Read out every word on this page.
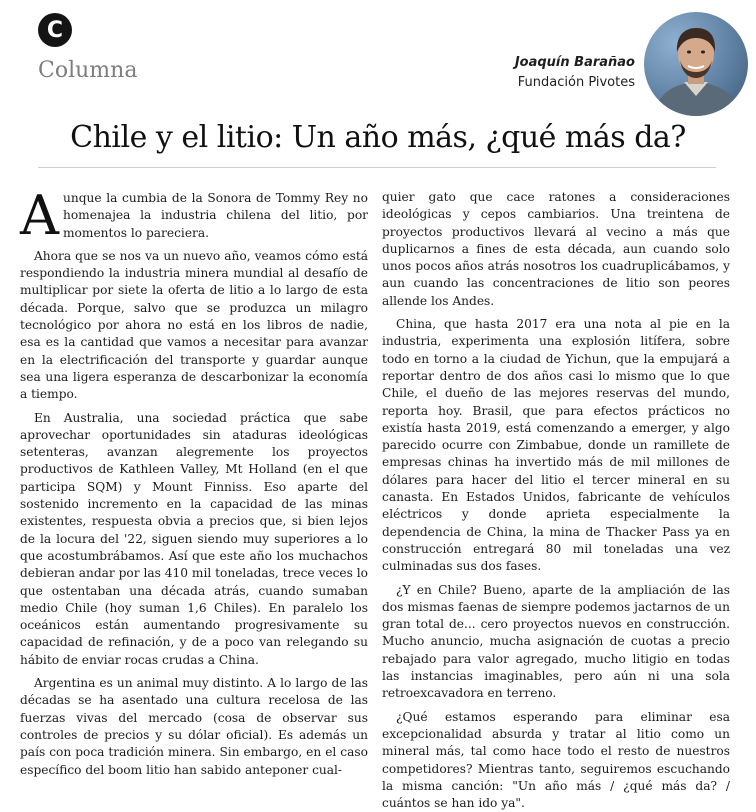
C
Columna	Joaquín Barañao
Fundación Pivotes
Chile y el litio: Un año más, ¿qué más da?

Aunque la cumbia de la Sonora de Tommy Rey no homenajea la industria chilena del litio, por momentos lo pareciera.

Ahora que se nos va un nuevo año, veamos cómo está respondiendo la industria minera mundial al desafío de multiplicar por siete la oferta de litio a lo largo de esta década. Porque, salvo que se produzca un milagro tecnológico por ahora no está en los libros de nadie, esa es la cantidad que vamos a necesitar para avanzar en la electrificación del transporte y guardar aunque sea una ligera esperanza de descarbonizar la economía a tiempo.

En Australia, una sociedad práctica que sabe aprovechar oportunidades sin ataduras ideológicas setenteras, avanzan alegremente los proyectos productivos de Kathleen Valley, Mt Holland (en el que participa SQM) y Mount Finniss. Eso aparte del sostenido incremento en la capacidad de las minas existentes, respuesta obvia a precios que, si bien lejos de la locura del '22, siguen siendo muy superiores a lo que acostumbrábamos. Así que este año los muchachos debieran andar por las 410 mil toneladas, trece veces lo que ostentaban una década atrás, cuando sumaban medio Chile (hoy suman 1,6 Chiles). En paralelo los oceánicos están aumentando progresivamente su capacidad de refinación, y de a poco van relegando su hábito de enviar rocas crudas a China.

Argentina es un animal muy distinto. A lo largo de las décadas se ha asentado una cultura recelosa de las fuerzas vivas del mercado (cosa de observar sus controles de precios y su dólar oficial). Es además un país con poca tradición minera. Sin embargo, en el caso específico del boom litio han sabido anteponer cual-

quier gato que cace ratones a consideraciones ideológicas y cepos cambiarios. Una treintena de proyectos productivos llevará al vecino a más que duplicarnos a fines de esta década, aun cuando solo unos pocos años atrás nosotros los cuadruplicábamos, y aun cuando las concentraciones de litio son peores allende los Andes.

China, que hasta 2017 era una nota al pie en la industria, experimenta una explosión litífera, sobre todo en torno a la ciudad de Yichun, que la empujará a reportar dentro de dos años casi lo mismo que lo que Chile, el dueño de las mejores reservas del mundo, reporta hoy. Brasil, que para efectos prácticos no existía hasta 2019, está comenzando a emerger, y algo parecido ocurre con Zimbabue, donde un ramillete de empresas chinas ha invertido más de mil millones de dólares para hacer del litio el tercer mineral en su canasta. En Estados Unidos, fabricante de vehículos eléctricos y donde aprieta especialmente la dependencia de China, la mina de Thacker Pass ya en construcción entregará 80 mil toneladas una vez culminadas sus dos fases.

¿Y en Chile? Bueno, aparte de la ampliación de las dos mismas faenas de siempre podemos jactarnos de un gran total de... cero proyectos nuevos en construcción. Mucho anuncio, mucha asignación de cuotas a precio rebajado para valor agregado, mucho litigio en todas las instancias imaginables, pero aún ni una sola retroexcavadora en terreno.

¿Qué estamos esperando para eliminar esa excepcionalidad absurda y tratar al litio como un mineral más, tal como hace todo el resto de nuestros competidores? Mientras tanto, seguiremos escuchando la misma canción: "Un año más / ¿qué más da? / cuántos se han ido ya".
